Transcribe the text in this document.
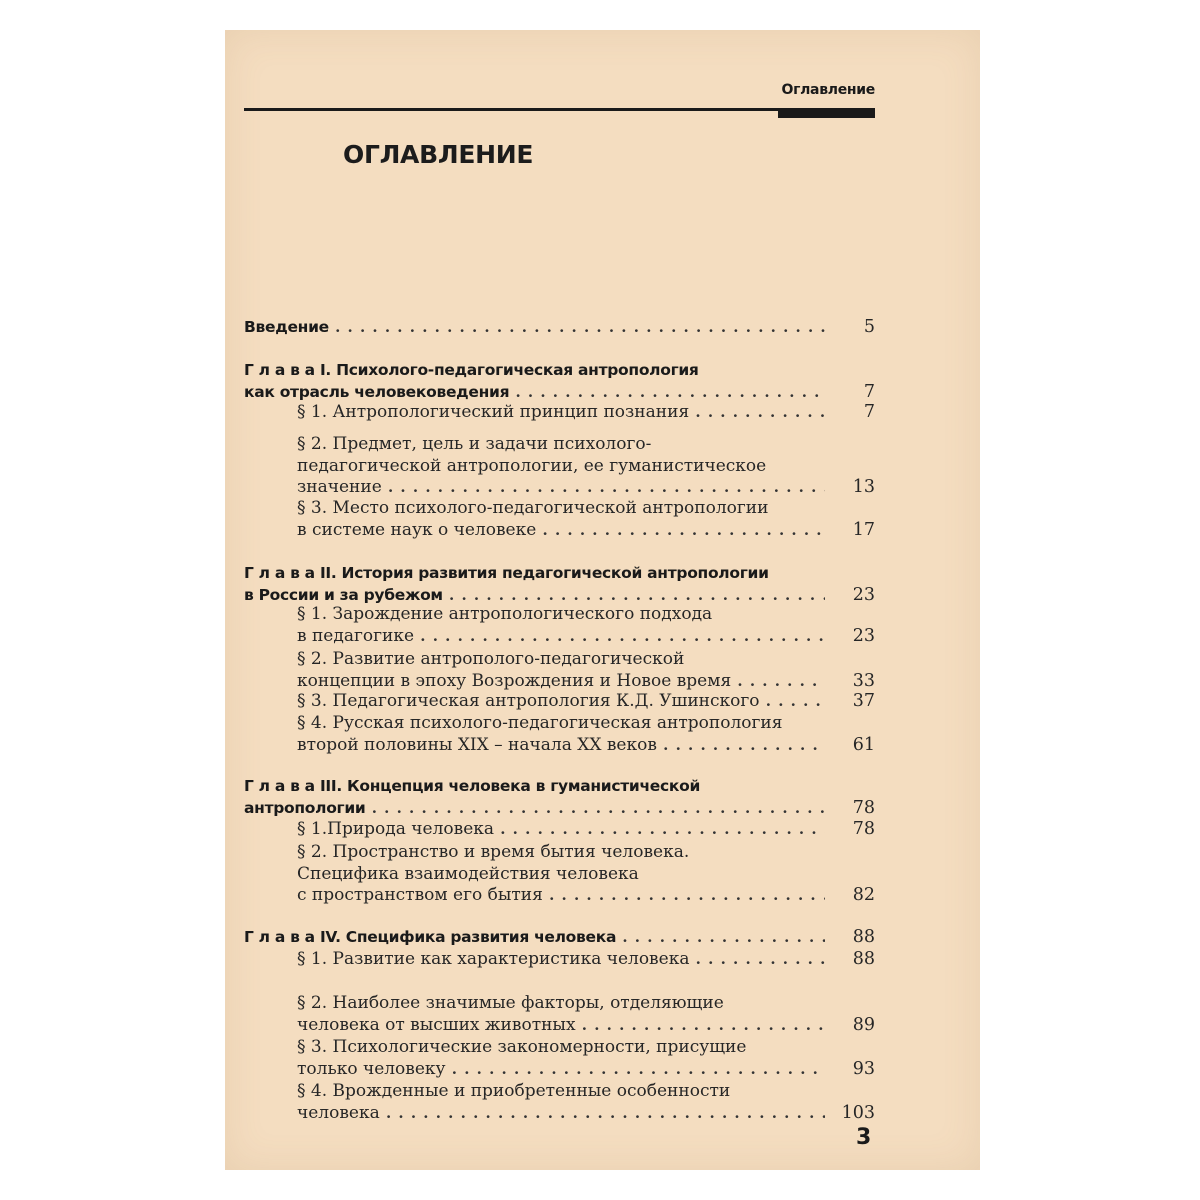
Оглавление
ОГЛАВЛЕНИЕ
Введение . . .	5
Г л а в а I. Психолого-педагогическая антропология
как отрасль человековедения . . .	7
§ 1. Антропологический принцип познания . . .	7
§ 2. Предмет, цель и задачи психолого-
педагогической антропологии, ее гуманистическое
значение . . .	13
§ 3. Место психолого-педагогической антропологии
в системе наук о человеке . . .	17
Г л а в а II. История развития педагогической антропологии
в России и за рубежом . . .	23
§ 1. Зарождение антропологического подхода
в педагогике . . .	23
§ 2. Развитие антрополого-педагогической
концепции в эпоху Возрождения и Новое время . . .	33
§ 3. Педагогическая антропология К.Д. Ушинского . . .	37
§ 4. Русская психолого-педагогическая антропология
второй половины XIX – начала XX веков . . .	61
Г л а в а III. Концепция человека в гуманистической
антропологии . . .	78
§ 1.Природа человека . . .	78
§ 2. Пространство и время бытия человека.
Специфика взаимодействия человека
с пространством его бытия . . .	82
Г л а в а IV. Специфика развития человека . . .	88
§ 1. Развитие как характеристика человека . . .	88
§ 2. Наиболее значимые факторы, отделяющие
человека от высших животных . . .	89
§ 3. Психологические закономерности, присущие
только человеку . . .	93
§ 4. Врожденные и приобретенные особенности
человека . . .	103
3
